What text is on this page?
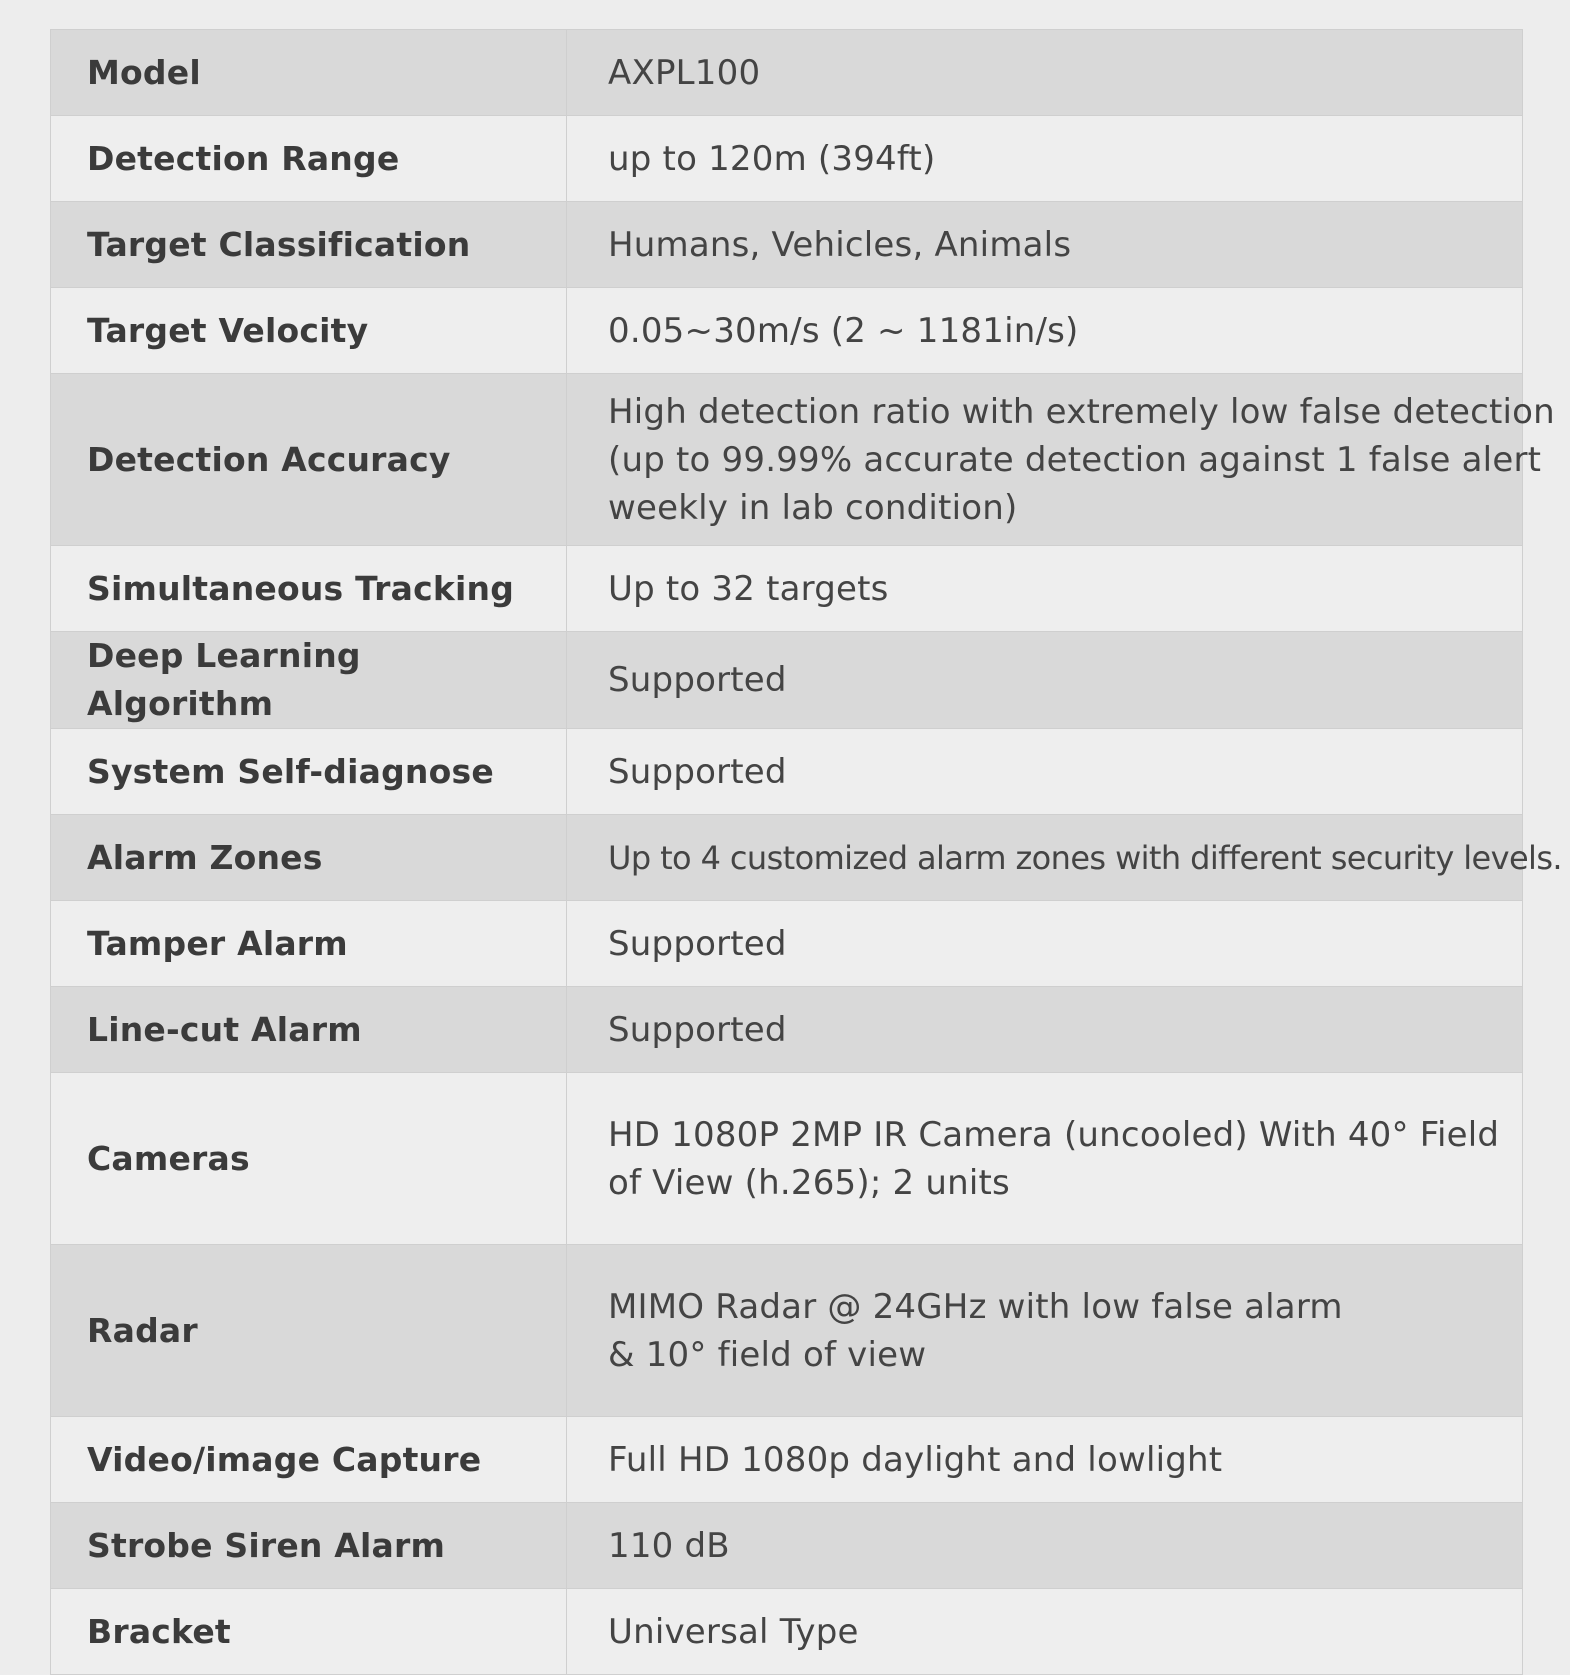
Model	AXPL100

Detection Range	up to 120m (394ft)

Target Classification	Humans, Vehicles, Animals

Target Velocity	0.05~30m/s (2 ~ 1181in/s)

Detection Accuracy	High detection ratio with extremely low false detection
(up to 99.99% accurate detection against 1 false alert
weekly in lab condition)

Simultaneous Tracking	Up to 32 targets

Deep Learning Algorithm	Supported

System Self-diagnose	Supported

Alarm Zones	Up to 4 customized alarm zones with different security levels.

Tamper Alarm	Supported

Line-cut Alarm	Supported

Cameras	HD 1080P 2MP IR Camera (uncooled) With 40° Field
of View (h.265); 2 units

Radar	MIMO Radar @ 24GHz with low false alarm
& 10° field of view

Video/image Capture	Full HD 1080p daylight and lowlight

Strobe Siren Alarm	110 dB

Bracket	Universal Type
